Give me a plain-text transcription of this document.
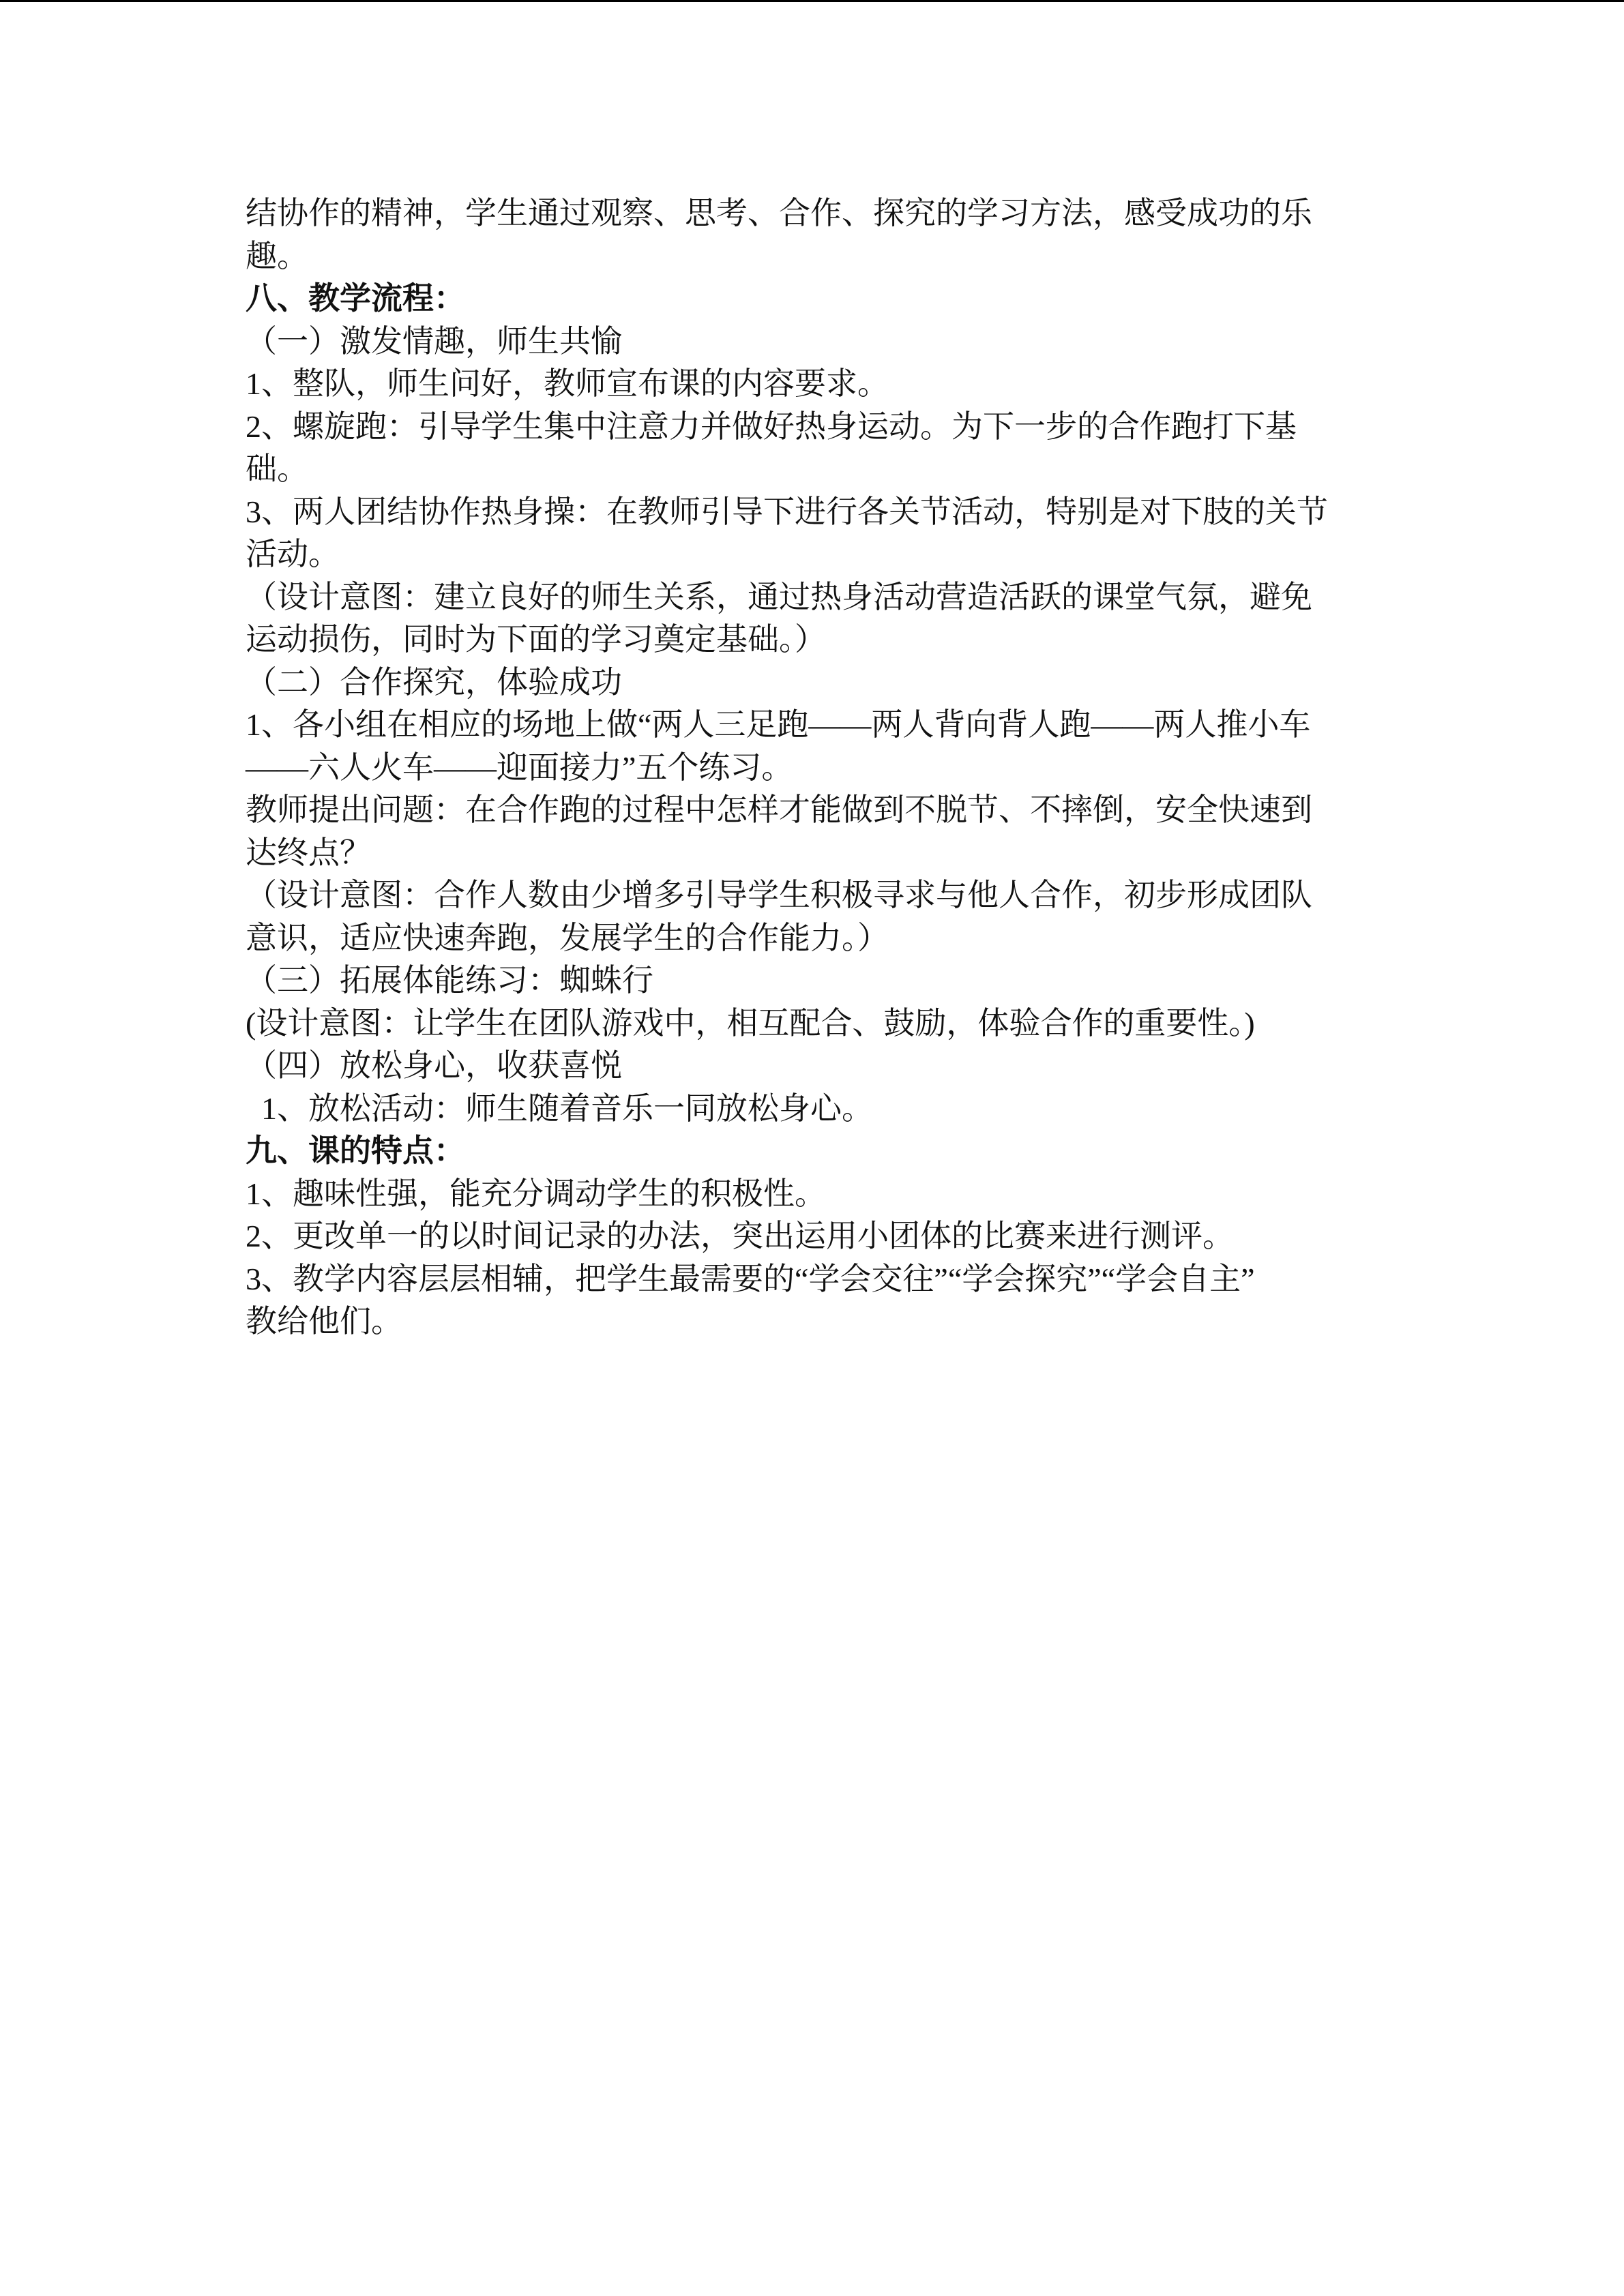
结协作的精神，学生通过观察、思考、合作、探究的学习方法，感受成功的乐

趣。

八、教学流程：

（一）激发情趣，师生共愉

1、整队，师生问好，教师宣布课的内容要求。

2、螺旋跑：引导学生集中注意力并做好热身运动。为下一步的合作跑打下基

础。

3、两人团结协作热身操：在教师引导下进行各关节活动，特别是对下肢的关节

活动。

（设计意图：建立良好的师生关系，通过热身活动营造活跃的课堂气氛，避免

运动损伤，同时为下面的学习奠定基础。）

（二）合作探究，体验成功

1、各小组在相应的场地上做“两人三足跑——两人背向背人跑——两人推小车

——六人火车——迎面接力”五个练习。

教师提出问题：在合作跑的过程中怎样才能做到不脱节、不摔倒，安全快速到

达终点？

（设计意图：合作人数由少增多引导学生积极寻求与他人合作，初步形成团队

意识，适应快速奔跑，发展学生的合作能力。）

（三）拓展体能练习：蜘蛛行

(设计意图：让学生在团队游戏中，相互配合、鼓励，体验合作的重要性。)

（四）放松身心，收获喜悦

1、放松活动：师生随着音乐一同放松身心。

九、课的特点：

1、趣味性强，能充分调动学生的积极性。

2、更改单一的以时间记录的办法，突出运用小团体的比赛来进行测评。

3、教学内容层层相辅，把学生最需要的“学会交往”“学会探究”“学会自主”

教给他们。
